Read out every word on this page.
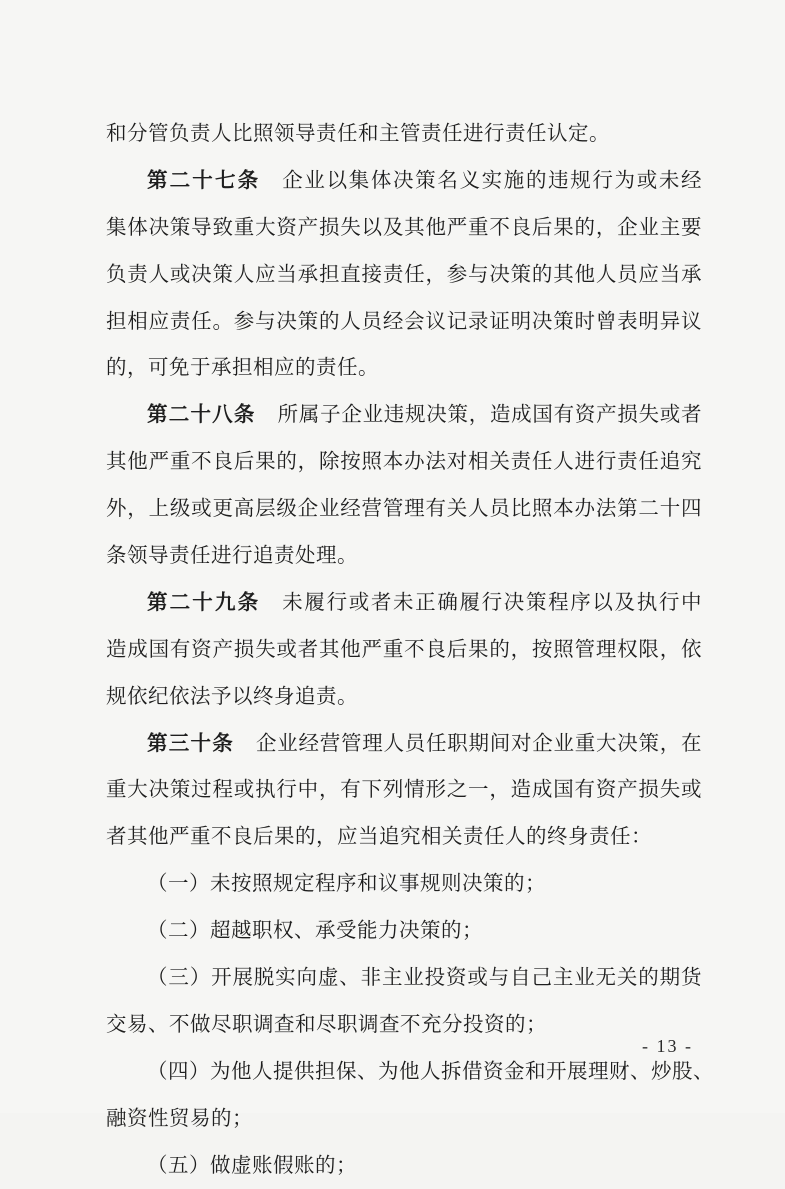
和分管负责人比照领导责任和主管责任进行责任认定。
第二十七条 企业以集体决策名义实施的违规行为或未经
集体决策导致重大资产损失以及其他严重不良后果的，企业主要
负责人或决策人应当承担直接责任，参与决策的其他人员应当承
担相应责任。参与决策的人员经会议记录证明决策时曾表明异议
的，可免于承担相应的责任。
第二十八条 所属子企业违规决策，造成国有资产损失或者
其他严重不良后果的，除按照本办法对相关责任人进行责任追究
外，上级或更高层级企业经营管理有关人员比照本办法第二十四
条领导责任进行追责处理。
第二十九条 未履行或者未正确履行决策程序以及执行中
造成国有资产损失或者其他严重不良后果的，按照管理权限，依
规依纪依法予以终身追责。
第三十条 企业经营管理人员任职期间对企业重大决策，在
重大决策过程或执行中，有下列情形之一，造成国有资产损失或
者其他严重不良后果的，应当追究相关责任人的终身责任：
（一）未按照规定程序和议事规则决策的；
（二）超越职权、承受能力决策的；
（三）开展脱实向虚、非主业投资或与自己主业无关的期货
交易、不做尽职调查和尽职调查不充分投资的；
（四）为他人提供担保、为他人拆借资金和开展理财、炒股、
融资性贸易的；
（五）做虚账假账的；
- 13 -
